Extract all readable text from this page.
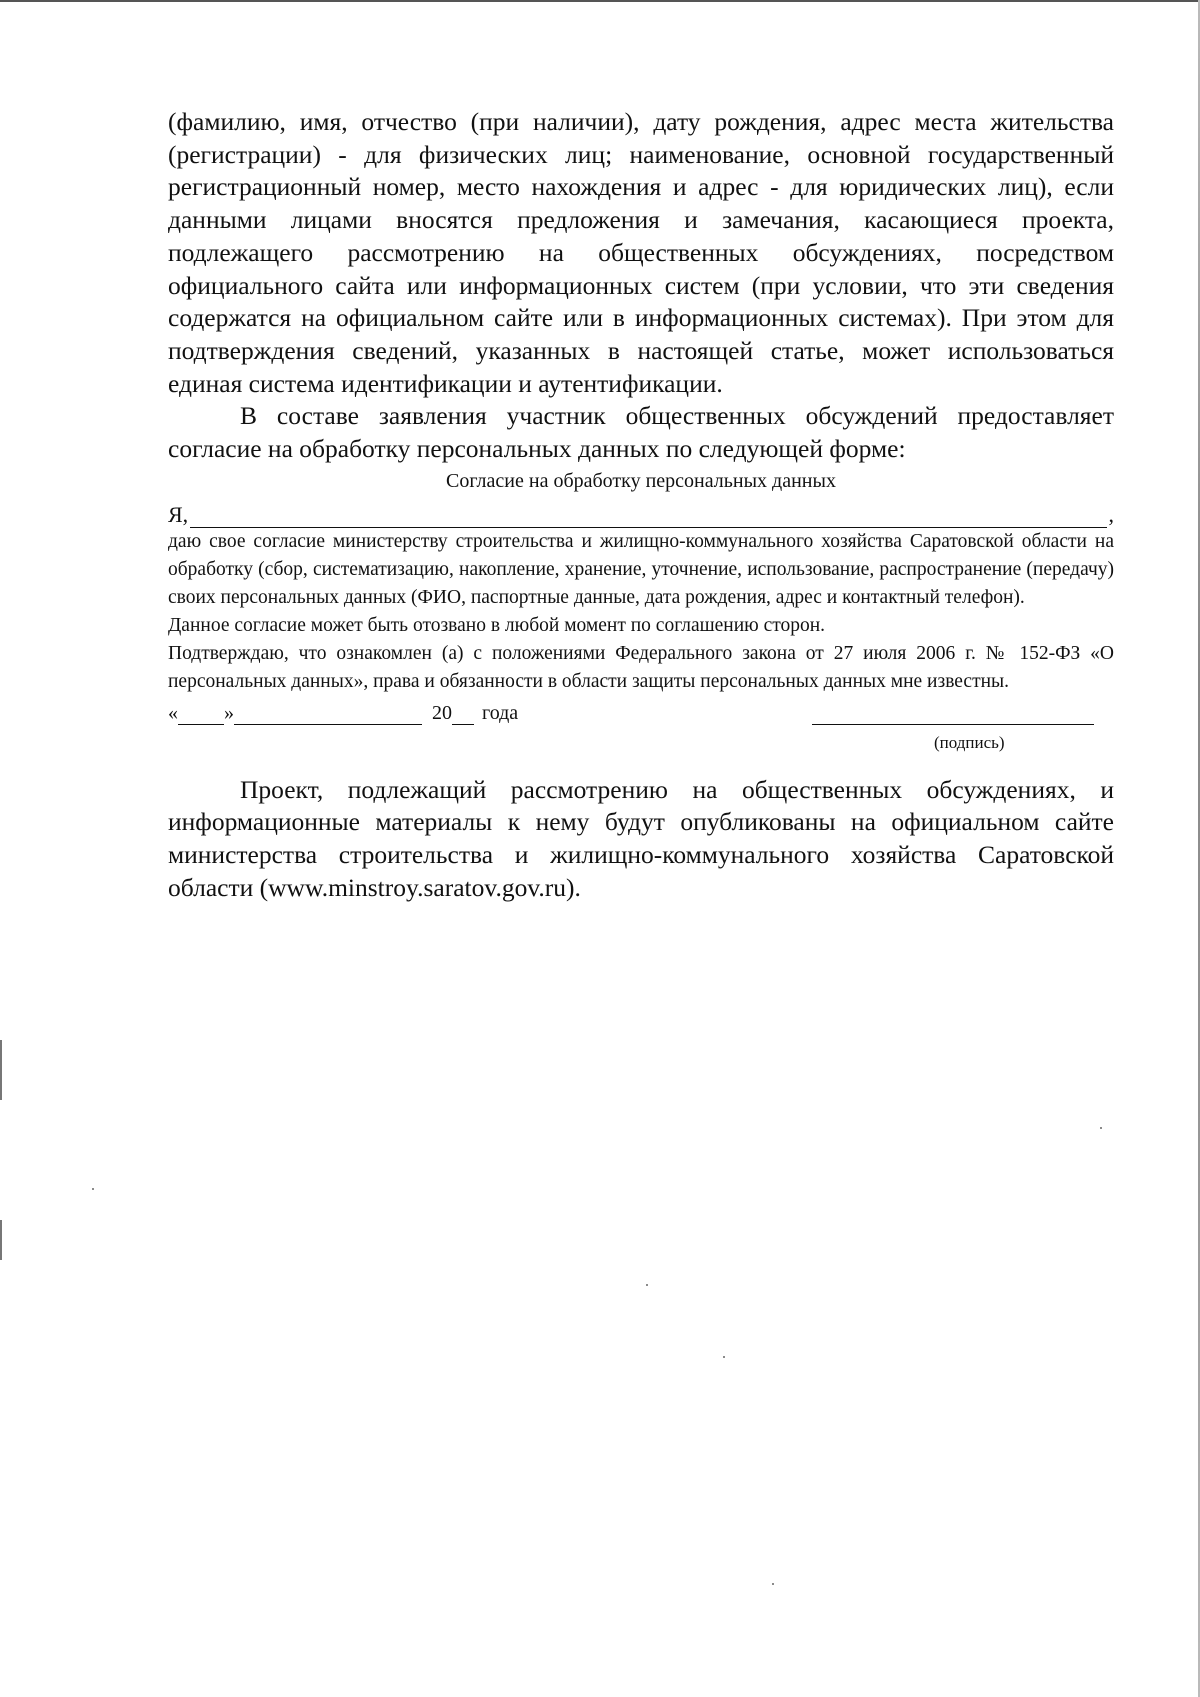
(фамилию, имя, отчество (при наличии), дату рождения, адрес места жительства (регистрации) - для физических лиц; наименование, основной государственный регистрационный номер, место нахождения и адрес - для юридических лиц), если данными лицами вносятся предложения и замечания, касающиеся проекта, подлежащего рассмотрению на общественных обсуждениях, посредством официального сайта или информационных систем (при условии, что эти сведения содержатся на официальном сайте или в информационных системах). При этом для подтверждения сведений, указанных в настоящей статье, может использоваться единая система идентификации и аутентификации.

В составе заявления участник общественных обсуждений предоставляет согласие на обработку персональных данных по следующей форме:

Согласие на обработку персональных данных

Я,	,

даю свое согласие министерству строительства и жилищно-коммунального хозяйства Саратовской области на обработку (сбор, систематизацию, накопление, хранение, уточнение, использование, распространение (передачу) своих персональных данных (ФИО, паспортные данные, дата рождения, адрес и контактный телефон).

Данное согласие может быть отозвано в любой момент по соглашению сторон.

Подтверждаю, что ознакомлен (а) с положениями Федерального закона от 27 июля 2006 г. № 152-ФЗ «О персональных данных», права и обязанности в области защиты персональных данных мне известны.

« »	20 года
(подпись)

Проект, подлежащий рассмотрению на общественных обсуждениях, и информационные материалы к нему будут опубликованы на официальном сайте министерства строительства и жилищно-коммунального хозяйства Саратовской области (www.minstroy.saratov.gov.ru).
